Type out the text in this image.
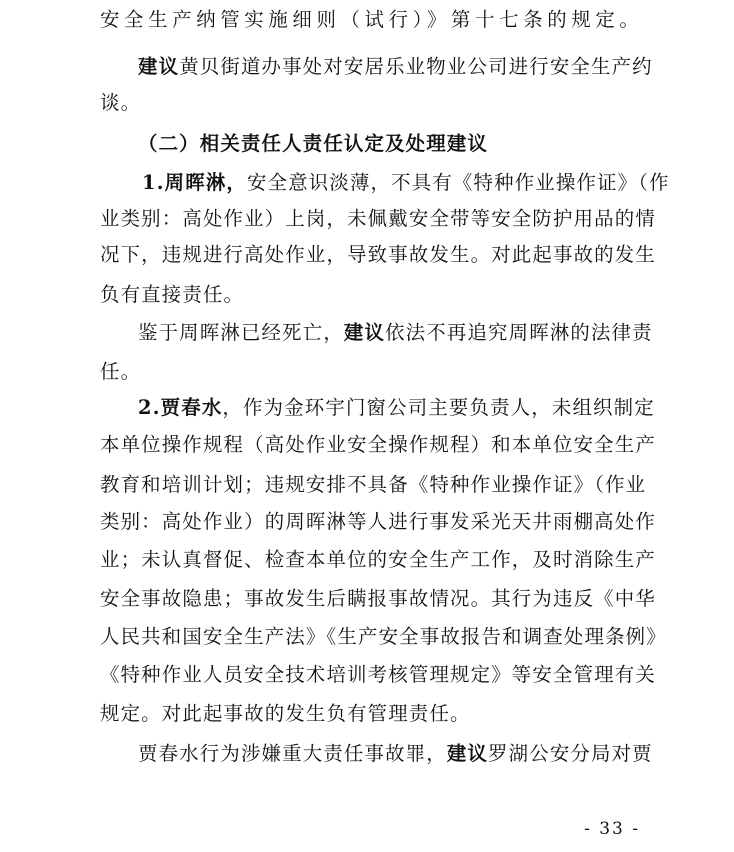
安全生产纳管实施细则（试行）》第十七条的规定。
建议黄贝街道办事处对安居乐业物业公司进行安全生产约
谈。
（二）相关责任人责任认定及处理建议
1.周晖淋，安全意识淡薄，不具有《特种作业操作证》（作
业类别：高处作业）上岗，未佩戴安全带等安全防护用品的情
况下，违规进行高处作业，导致事故发生。对此起事故的发生
负有直接责任。
鉴于周晖淋已经死亡，建议依法不再追究周晖淋的法律责
任。
2.贾春水，作为金环宇门窗公司主要负责人，未组织制定
本单位操作规程（高处作业安全操作规程）和本单位安全生产
教育和培训计划；违规安排不具备《特种作业操作证》（作业
类别：高处作业）的周晖淋等人进行事发采光天井雨棚高处作
业；未认真督促、检查本单位的安全生产工作，及时消除生产
安全事故隐患；事故发生后瞒报事故情况。其行为违反《中华
人民共和国安全生产法》《生产安全事故报告和调查处理条例》
《特种作业人员安全技术培训考核管理规定》等安全管理有关
规定。对此起事故的发生负有管理责任。
贾春水行为涉嫌重大责任事故罪，建议罗湖公安分局对贾
- 33 -
